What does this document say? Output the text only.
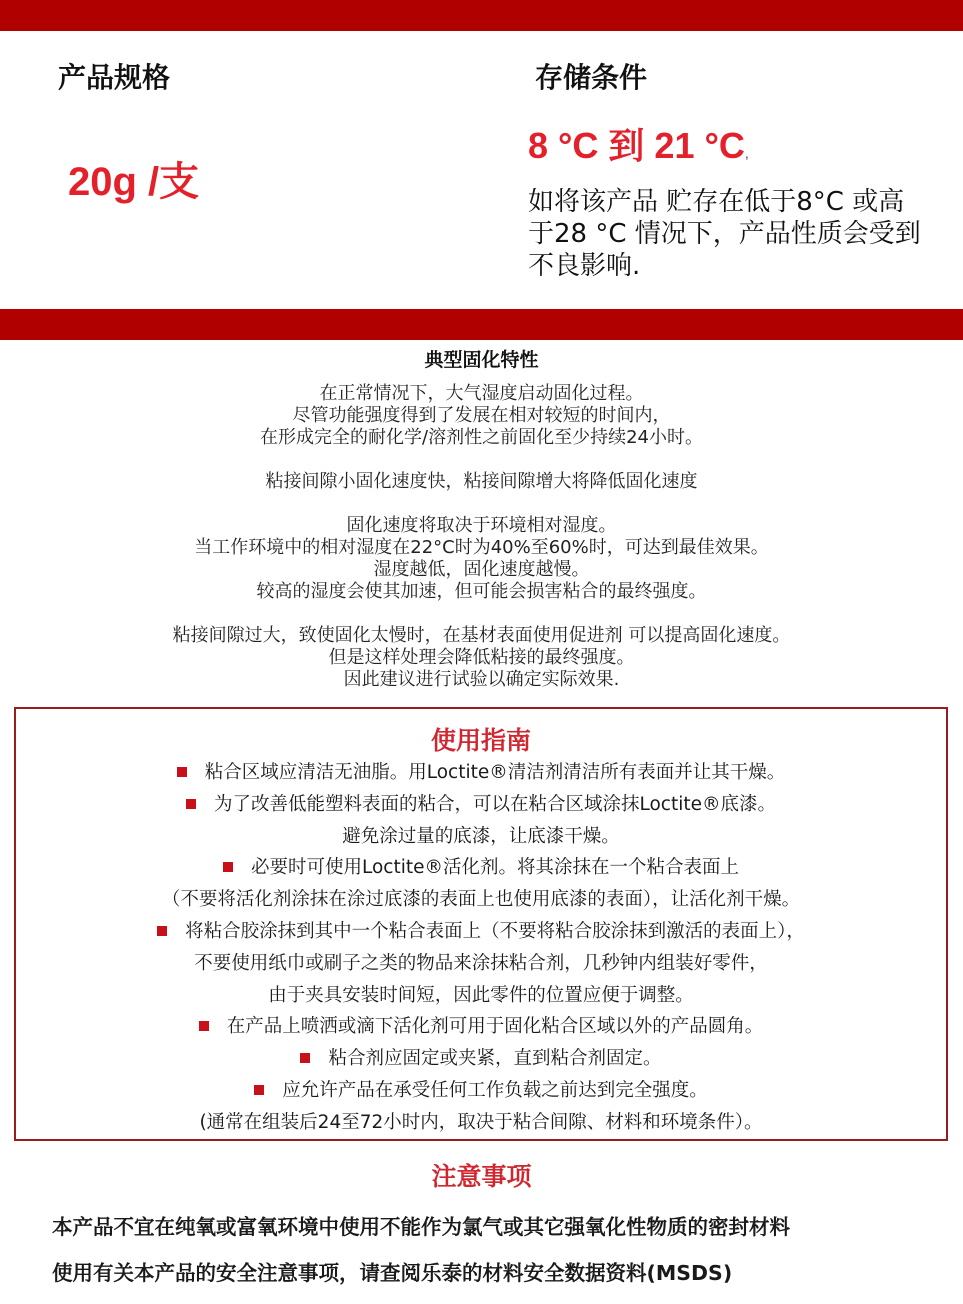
产品规格
20g /支
存储条件
8 °C 到 21 °C,
如将该产品 贮存在低于8°C 或高于28 °C 情况下，产品性质会受到不良影响.
典型固化特性

在正常情况下，大气湿度启动固化过程。
尽管功能强度得到了发展在相对较短的时间内，
在形成完全的耐化学/溶剂性之前固化至少持续24小时。

粘接间隙小固化速度快，粘接间隙增大将降低固化速度

固化速度将取决于环境相对湿度。
当工作环境中的相对湿度在22°C时为40%至60%时，可达到最佳效果。
湿度越低，固化速度越慢。
较高的湿度会使其加速，但可能会损害粘合的最终强度。

粘接间隙过大，致使固化太慢时，在基材表面使用促进剂 可以提高固化速度。
但是这样处理会降低粘接的最终强度。
因此建议进行试验以确定实际效果.

使用指南
粘合区域应清洁无油脂。用Loctite®清洁剂清洁所有表面并让其干燥。
为了改善低能塑料表面的粘合，可以在粘合区域涂抹Loctite®底漆。
避免涂过量的底漆，让底漆干燥。
必要时可使用Loctite®活化剂。将其涂抹在一个粘合表面上
（不要将活化剂涂抹在涂过底漆的表面上也使用底漆的表面），让活化剂干燥。
将粘合胶涂抹到其中一个粘合表面上（不要将粘合胶涂抹到激活的表面上），
不要使用纸巾或刷子之类的物品来涂抹粘合剂，几秒钟内组装好零件，
由于夹具安装时间短，因此零件的位置应便于调整。
在产品上喷洒或滴下活化剂可用于固化粘合区域以外的产品圆角。
粘合剂应固定或夹紧，直到粘合剂固定。
应允许产品在承受任何工作负载之前达到完全强度。
(通常在组装后24至72小时内，取决于粘合间隙、材料和环境条件）。
注意事项
本产品不宜在纯氧或富氧环境中使用不能作为氯气或其它强氧化性物质的密封材料
使用有关本产品的安全注意事项，请查阅乐泰的材料安全数据资料(MSDS)
